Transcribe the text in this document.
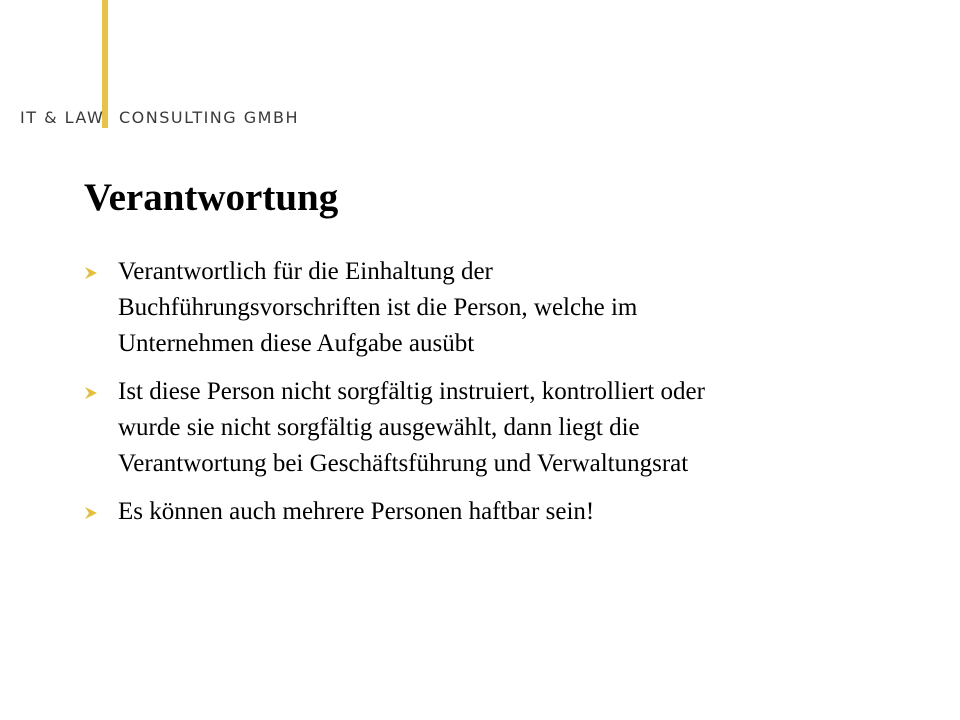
IT & LAW CONSULTING GMBH
Verantwortung
Verantwortlich für die Einhaltung der
Buchführungsvorschriften ist die Person, welche im
Unternehmen diese Aufgabe ausübt
Ist diese Person nicht sorgfältig instruiert, kontrolliert oder
wurde sie nicht sorgfältig ausgewählt, dann liegt die
Verantwortung bei Geschäftsführung und Verwaltungsrat
Es können auch mehrere Personen haftbar sein!
